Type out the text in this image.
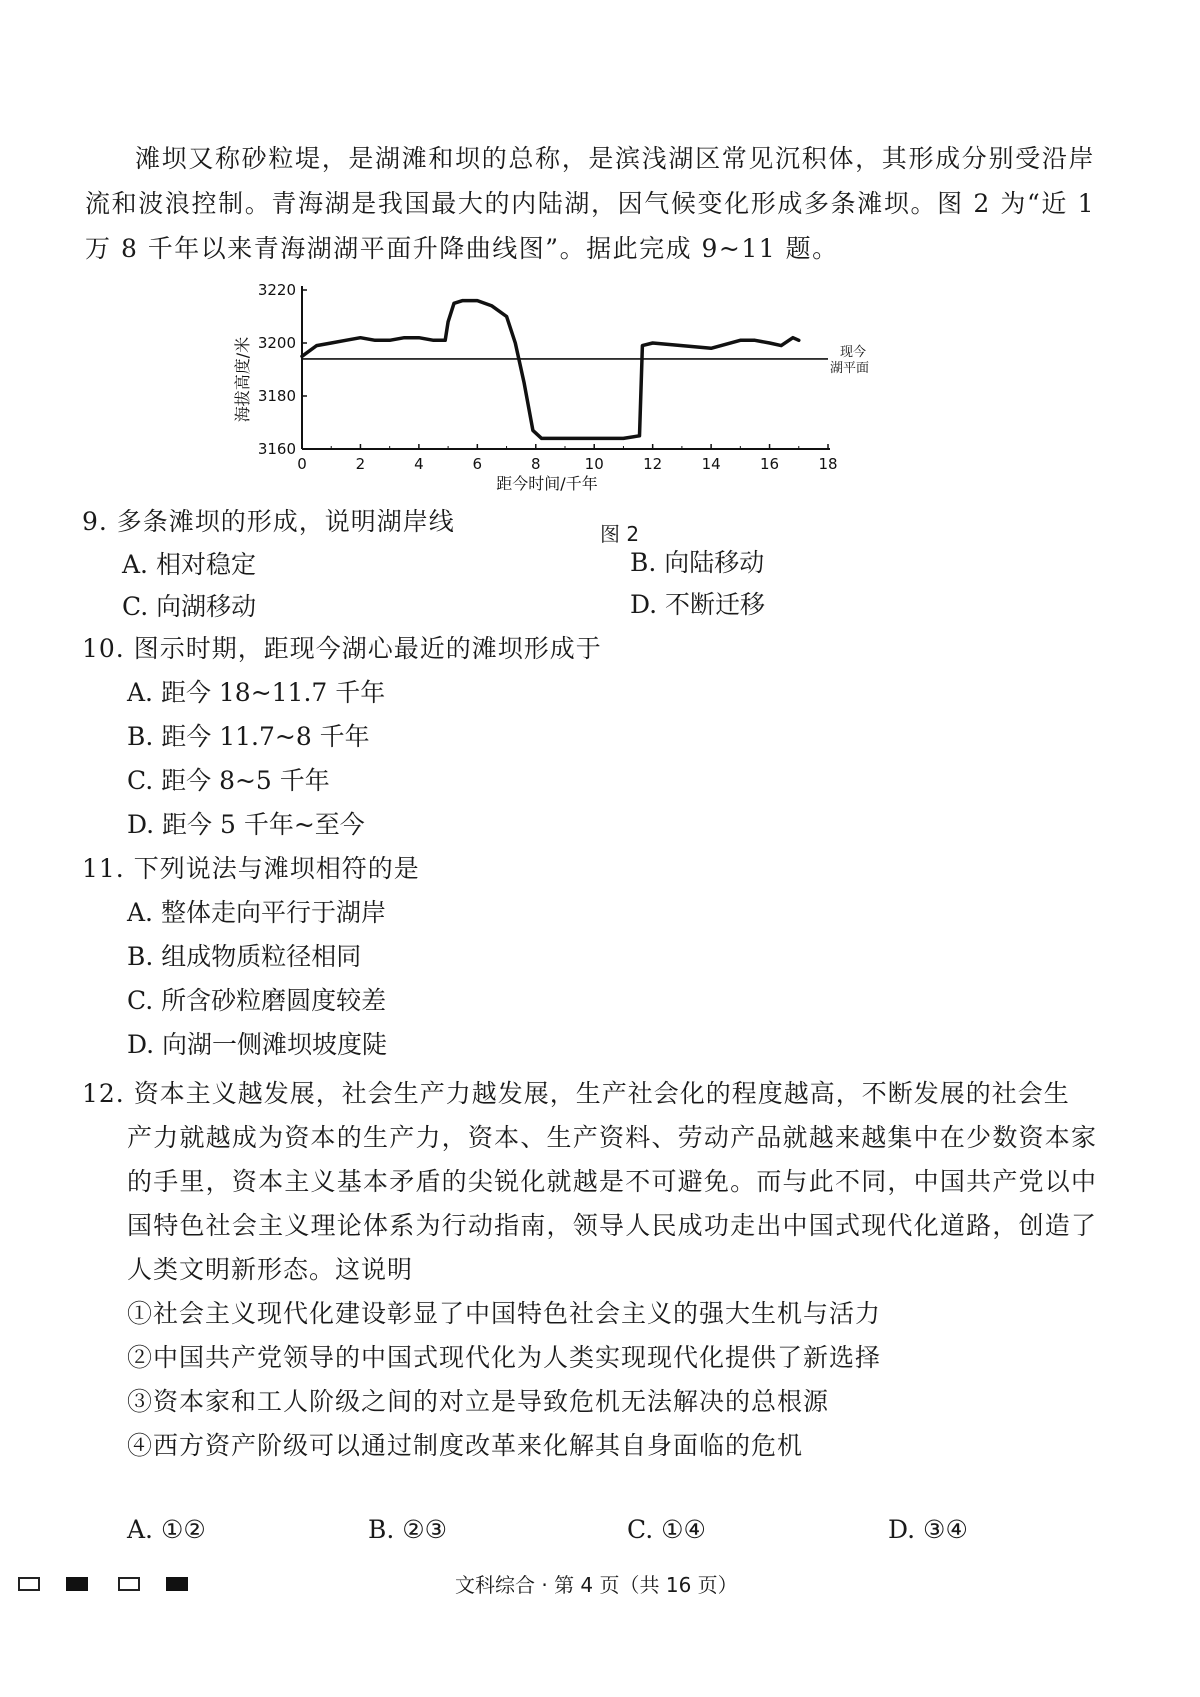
滩坝又称砂粒堤，是湖滩和坝的总称，是滨浅湖区常见沉积体，其形成分别受沿岸流和波浪控制。青海湖是我国最大的内陆湖，因气候变化形成多条滩坝。图 2 为“近 1 万 8 千年以来青海湖湖平面升降曲线图”。据此完成 9~11 题。

0	2	4	6	8	10	12	14	16	18
3220
3200
3180
3160
距今时间/千年
海拔高度/米	现今
湖平面
图 2
9. 多条滩坝的形成，说明湖岸线
A. 相对稳定	B. 向陆移动
C. 向湖移动	D. 不断迁移
10. 图示时期，距现今湖心最近的滩坝形成于
A. 距今 18~11.7 千年
B. 距今 11.7~8 千年
C. 距今 8~5 千年
D. 距今 5 千年~至今
11. 下列说法与滩坝相符的是
A. 整体走向平行于湖岸
B. 组成物质粒径相同
C. 所含砂粒磨圆度较差
D. 向湖一侧滩坝坡度陡
12. 资本主义越发展，社会生产力越发展，生产社会化的程度越高，不断发展的社会生
产力就越成为资本的生产力，资本、生产资料、劳动产品就越来越集中在少数资本家的手里，资本主义基本矛盾的尖锐化就越是不可避免。而与此不同，中国共产党以中国特色社会主义理论体系为行动指南，领导人民成功走出中国式现代化道路，创造了人类文明新形态。这说明
①社会主义现代化建设彰显了中国特色社会主义的强大生机与活力
②中国共产党领导的中国式现代化为人类实现现代化提供了新选择
③资本家和工人阶级之间的对立是导致危机无法解决的总根源
④西方资产阶级可以通过制度改革来化解其自身面临的危机
A. ①②	B. ②③	C. ①④	D. ③④
文科综合 · 第 4 页（共 16 页）
